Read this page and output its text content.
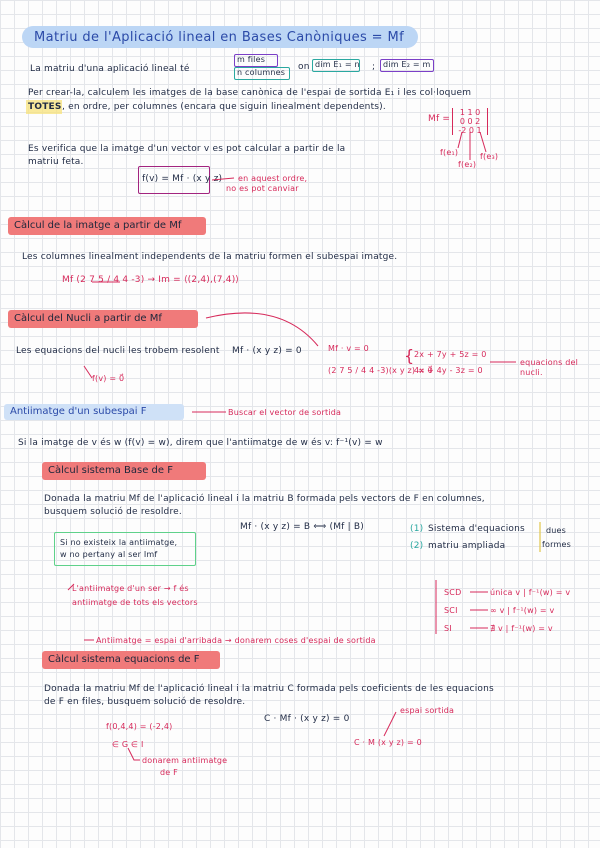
Matriu de l'Aplicació lineal en Bases Canòniques = Mf
La matriu d'una aplicació lineal té
m files
n columnes
on dim E₁ = n ; dim E₂ = m
Per crear-la, calculem les imatges de la base canònica de l'espai de sortida E₁ i les col·loquem
TOTES , en ordre, per columnes (encara que siguin linealment dependents).
Mf =
1 1 0
0 0 2
-2 0 1
f(e₁)
f(e₂)
f(e₃)
Es verifica que la imatge d'un vector v es pot calcular a partir de la
matriu feta.
f(v) = Mf · (x y z) en aquest ordre,
no es pot canviar
Càlcul de la imatge a partir de Mf
Les columnes linealment independents de la matriu formen el subespai imatge.
Mf (2 7 5 / 4 4 -3) → Im = ⟨(2,4),(7,4)⟩
Càlcul del Nucli a partir de Mf
Les equacions del nucli les trobem resolent Mf · (x y z) = 0
f(v) = 0⃗
Mf · v = 0
(2 7 5 / 4 4 -3)(x y z) = 0⃗
{ 2x + 7y + 5z = 0
4x + 4y - 3z = 0
equacions del
nucli.
Antiimatge d'un subespai F	Buscar el vector de sortida
Si la imatge de v és w (f(v) = w), direm que l'antiimatge de w és v: f⁻¹(v) = w
Càlcul sistema Base de F
Donada la matriu Mf de l'aplicació lineal i la matriu B formada pels vectors de F en columnes,
busquem solució de resoldre.
Mf · (x y z) = B ⟺ (Mf | B)
Si no existeix la antiimatge,
w no pertany al ser Imf
(1) Sistema d'equacions
(2) matriu ampliada
dues
formes
SCD	única v | f⁻¹(w) = v
SCI	∞ v | f⁻¹(w) = v
SI	∄ v | f⁻¹(w) = v
L'antiimatge d'un ser → f és
antiimatge de tots els vectors
Antiimatge = espai d'arribada → donarem coses d'espai de sortida
Càlcul sistema equacions de F
Donada la matriu Mf de l'aplicació lineal i la matriu C formada pels coeficients de les equacions
de F en files, busquem solució de resoldre.
C · Mf · (x y z) = 0
f(0,4,4) = (-2,4)
∈ G ∈ I
donarem antiimatge
de F
espai sortida
C · M (x y z) = 0
